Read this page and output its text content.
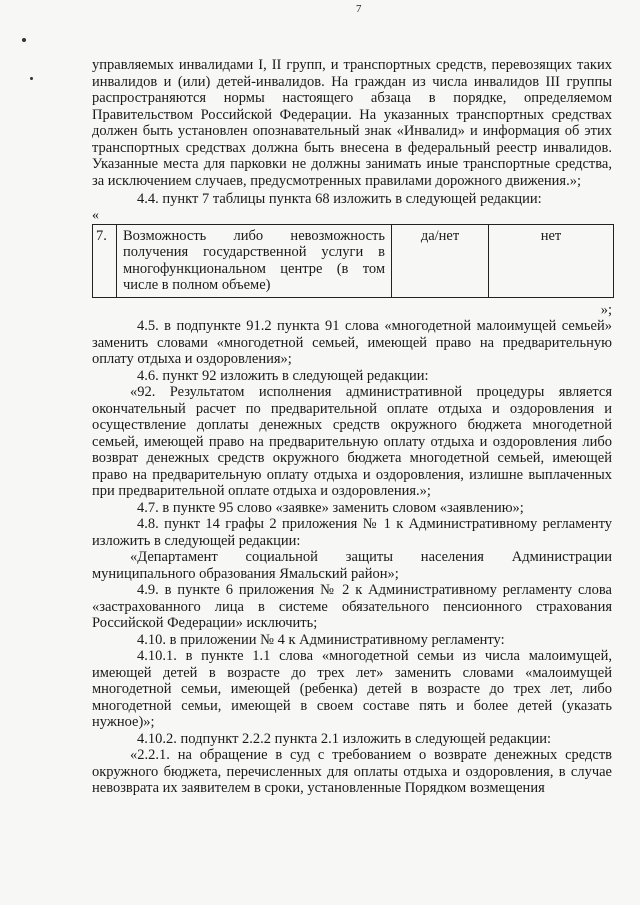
7

управляемых инвалидами I, II групп, и транспортных средств, перевозящих таких инвалидов и (или) детей-инвалидов. На граждан из числа инвалидов III группы распространяются нормы настоящего абзаца в порядке, определяемом Правительством Российской Федерации. На указанных транспортных средствах должен быть установлен опознавательный знак «Инвалид» и информация об этих транспортных средствах должна быть внесена в федеральный реестр инвалидов. Указанные места для парковки не должны занимать иные транспортные средства, за исключением случаев, предусмотренных правилами дорожного движения.»;

4.4. пункт 7 таблицы пункта 68 изложить в следующей редакции:

«

7.	Возможность либо невозможность получения государственной услуги в многофункциональном центре (в том числе в полном объеме)	да/нет	нет

»;

4.5. в подпункте 91.2 пункта 91 слова «многодетной малоимущей семьей» заменить словами «многодетной семьей, имеющей право на предварительную оплату отдыха и оздоровления»;

4.6. пункт 92 изложить в следующей редакции:

«92. Результатом исполнения административной процедуры является окончательный расчет по предварительной оплате отдыха и оздоровления и осуществление доплаты денежных средств окружного бюджета многодетной семьей, имеющей право на предварительную оплату отдыха и оздоровления либо возврат денежных средств окружного бюджета многодетной семьей, имеющей право на предварительную оплату отдыха и оздоровления, излишне выплаченных при предварительной оплате отдыха и оздоровления.»;

4.7. в пункте 95 слово «заявке» заменить словом «заявлению»;

4.8. пункт 14 графы 2 приложения № 1 к Административному регламенту изложить в следующей редакции:

«Департамент социальной защиты населения Администрации муниципального образования Ямальский район»;

4.9. в пункте 6 приложения № 2 к Административному регламенту слова «застрахованного лица в системе обязательного пенсионного страхования Российской Федерации» исключить;

4.10. в приложении № 4 к Административному регламенту:

4.10.1. в пункте 1.1 слова «многодетной семьи из числа малоимущей, имеющей детей в возрасте до трех лет» заменить словами «малоимущей многодетной семьи, имеющей (ребенка) детей в возрасте до трех лет, либо многодетной семьи, имеющей в своем составе пять и более детей (указать нужное)»;

4.10.2. подпункт 2.2.2 пункта 2.1 изложить в следующей редакции:

«2.2.1. на обращение в суд с требованием о возврате денежных средств окружного бюджета, перечисленных для оплаты отдыха и оздоровления, в случае невозврата их заявителем в сроки, установленные Порядком возмещения
